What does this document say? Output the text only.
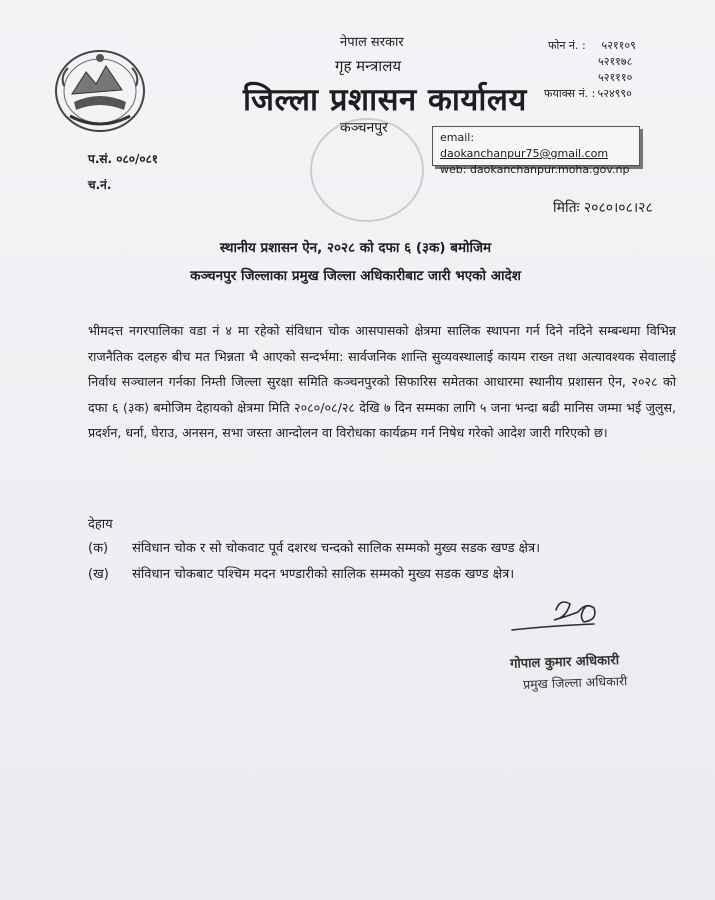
नेपाल सरकार
गृह मन्त्रालय
जिल्ला प्रशासन कार्यालय
कञ्चनपुर
फोन नं. : ५२११०९
५२११७८
५२१११०
फयाक्स नं. : ५२४९९०
email: daokanchanpur75@gmail.com
web: daokanchanpur.moha.gov.np
प.सं. ०८०/०८१
च.नं.
मितिः २०८०।०८।२८
स्थानीय प्रशासन ऐन, २०२८ को दफा ६ (३क) बमोजिम
कञ्चनपुर जिल्लाका प्रमुख जिल्ला अधिकारीबाट जारी भएको आदेश
भीमदत्त नगरपालिका वडा नं ४ मा रहेको संविधान चोक आसपासको क्षेत्रमा सालिक स्थापना गर्न दिने नदिने सम्बन्धमा विभिन्न राजनैतिक दलहरु बीच मत भिन्नता भै आएको सन्दर्भमा: सार्वजनिक शान्ति सुव्यवस्थालाई कायम राख्न तथा अत्यावश्यक सेवालाई निर्वाध सञ्चालन गर्नका निम्ती जिल्ला सुरक्षा समिति कञ्चनपुरको सिफारिस समेतका आधारमा स्थानीय प्रशासन ऐन, २०२८ को दफा ६ (३क) बमोजिम देहायको क्षेत्रमा मिति २०८०/०८/२८ देखि ७ दिन सम्मका लागि ५ जना भन्दा बढी मानिस जम्मा भई जुलुस, प्रदर्शन, धर्ना, घेराउ, अनसन, सभा जस्ता आन्दोलन वा विरोधका कार्यक्रम गर्न निषेध गरेको आदेश जारी गरिएको छ।
देहाय
(क) संविधान चोक र सो चोकवाट पूर्व दशरथ चन्दको सालिक सम्मको मुख्य सडक खण्ड क्षेत्र।
(ख) संविधान चोकबाट पश्चिम मदन भण्डारीको सालिक सम्मको मुख्य सडक खण्ड क्षेत्र।
गोपाल कुमार अधिकारी
प्रमुख जिल्ला अधिकारी
